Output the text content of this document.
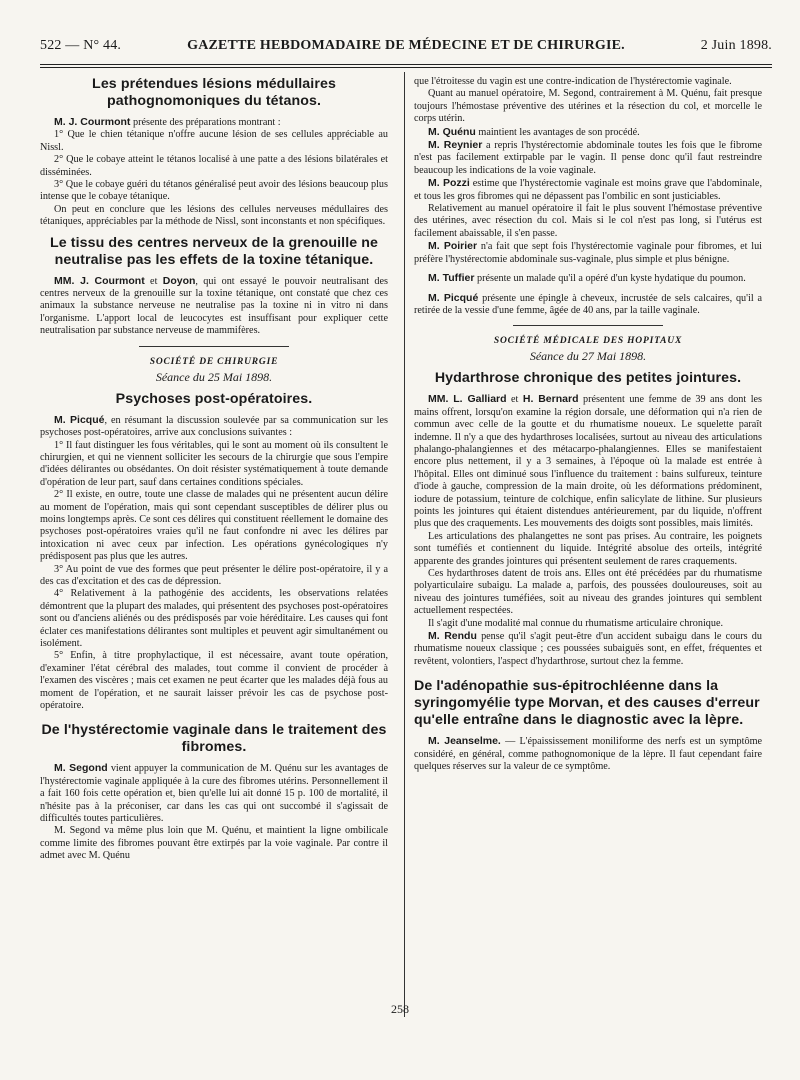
522 — N° 44.	GAZETTE HEBDOMADAIRE DE MÉDECINE ET DE CHIRURGIE.	2 Juin 1898.
Les prétendues lésions médullaires pathognomoniques du tétanos.

M. J. Courmont présente des préparations montrant :

1° Que le chien tétanique n'offre aucune lésion de ses cellules appréciable au Nissl.

2° Que le cobaye atteint le tétanos localisé à une patte a des lésions bilatérales et disséminées.

3° Que le cobaye guéri du tétanos généralisé peut avoir des lésions beaucoup plus intense que le cobaye tétanique.

On peut en conclure que les lésions des cellules nerveuses médullaires des tétaniques, appréciables par la méthode de Nissl, sont inconstants et non spécifiques.

Le tissu des centres nerveux de la grenouille ne neutralise pas les effets de la toxine tétanique.

MM. J. Courmont et Doyon, qui ont essayé le pouvoir neutralisant des centres nerveux de la grenouille sur la toxine tétanique, ont constaté que chez ces animaux la substance nerveuse ne neutralise pas la toxine ni in vitro ni dans l'organisme. L'apport local de leucocytes est insuffisant pour expliquer cette neutralisation par substance nerveuse de mammifères.

SOCIÉTÉ DE CHIRURGIE
Séance du 25 Mai 1898.
Psychoses post-opératoires.

M. Picqué, en résumant la discussion soulevée par sa communication sur les psychoses post-opératoires, arrive aux conclusions suivantes :

1° Il faut distinguer les fous véritables, qui le sont au moment où ils consultent le chirurgien, et qui ne viennent solliciter les secours de la chirurgie que sous l'empire d'idées délirantes ou obsédantes. On doit résister systématiquement à toute demande d'opération de leur part, sauf dans certaines conditions spéciales.

2° Il existe, en outre, toute une classe de malades qui ne présentent aucun délire au moment de l'opération, mais qui sont cependant susceptibles de délirer plus ou moins longtemps après. Ce sont ces délires qui constituent réellement le domaine des psychoses post-opératoires vraies qu'il ne faut confondre ni avec les délires par intoxication ni avec ceux par infection. Les opérations gynécologiques n'y prédisposent pas plus que les autres.

3° Au point de vue des formes que peut présenter le délire post-opératoire, il y a des cas d'excitation et des cas de dépression.

4° Relativement à la pathogénie des accidents, les observations relatées démontrent que la plupart des malades, qui présentent des psychoses post-opératoires sont ou d'anciens aliénés ou des prédisposés par voie héréditaire. Les causes qui font éclater ces manifestations délirantes sont multiples et peuvent agir simultanément ou isolément.

5° Enfin, à titre prophylactique, il est nécessaire, avant toute opération, d'examiner l'état cérébral des malades, tout comme il convient de procéder à l'examen des viscères ; mais cet examen ne peut écarter que les malades déjà fous au moment de l'opération, et ne saurait laisser prévoir les cas de psychose post-opératoire.

De l'hystérectomie vaginale dans le traitement des fibromes.

M. Segond vient appuyer la communication de M. Quénu sur les avantages de l'hystérectomie vaginale appliquée à la cure des fibromes utérins. Personnellement il a fait 160 fois cette opération et, bien qu'elle lui ait donné 15 p. 100 de mortalité, il n'hésite pas à la préconiser, car dans les cas qui ont succombé il s'agissait de difficultés toutes particulières.

M. Segond va même plus loin que M. Quénu, et maintient la ligne ombilicale comme limite des fibromes pouvant être extirpés par la voie vaginale. Par contre il admet avec M. Quénu

que l'étroitesse du vagin est une contre-indication de l'hystérectomie vaginale.

Quant au manuel opératoire, M. Segond, contrairement à M. Quénu, fait presque toujours l'hémostase préventive des utérines et la résection du col, et morcelle le corps utérin.

M. Quénu maintient les avantages de son procédé.

M. Reynier a repris l'hystérectomie abdominale toutes les fois que le fibrome n'est pas facilement extirpable par le vagin. Il pense donc qu'il faut restreindre beaucoup les indications de la voie vaginale.

M. Pozzi estime que l'hystérectomie vaginale est moins grave que l'abdominale, et tous les gros fibromes qui ne dépassent pas l'ombilic en sont justiciables.

Relativement au manuel opératoire il fait le plus souvent l'hémostase préventive des utérines, avec résection du col. Mais si le col n'est pas long, si l'utérus est facilement abaissable, il s'en passe.

M. Poirier n'a fait que sept fois l'hystérectomie vaginale pour fibromes, et lui préfère l'hystérectomie abdominale sus-vaginale, plus simple et plus bénigne.

M. Tuffier présente un malade qu'il a opéré d'un kyste hydatique du poumon.

M. Picqué présente une épingle à cheveux, incrustée de sels calcaires, qu'il a retirée de la vessie d'une femme, âgée de 40 ans, par la taille vaginale.

SOCIÉTÉ MÉDICALE DES HOPITAUX
Séance du 27 Mai 1898.
Hydarthrose chronique des petites jointures.

MM. L. Galliard et H. Bernard présentent une femme de 39 ans dont les mains offrent, lorsqu'on examine la région dorsale, une déformation qui n'a rien de commun avec celle de la goutte et du rhumatisme noueux. Le squelette paraît indemne. Il n'y a que des hydarthroses localisées, surtout au niveau des articulations phalango-phalangiennes et des métacarpo-phalangiennes. Elles se manifestaient encore plus nettement, il y a 3 semaines, à l'époque où la malade est entrée à l'hôpital. Elles ont diminué sous l'influence du traitement : bains sulfureux, teinture d'iode à gauche, compression de la main droite, où les déformations prédominent, iodure de potassium, teinture de colchique, enfin salicylate de lithine. Sur plusieurs points les jointures qui étaient distendues antérieurement, par du liquide, n'offrent plus que des craquements. Les mouvements des doigts sont possibles, mais limités.

Les articulations des phalangettes ne sont pas prises. Au contraire, les poignets sont tuméfiés et contiennent du liquide. Intégrité absolue des orteils, intégrité apparente des grandes jointures qui présentent seulement de rares craquements.

Ces hydarthroses datent de trois ans. Elles ont été précédées par du rhumatisme polyarticulaire subaigu. La malade a, parfois, des poussées douloureuses, soit au niveau des jointures tuméfiées, soit au niveau des grandes jointures qui semblent actuellement respectées.

Il s'agit d'une modalité mal connue du rhumatisme articulaire chronique.

M. Rendu pense qu'il s'agit peut-être d'un accident subaigu dans le cours du rhumatisme noueux classique ; ces poussées subaiguës sont, en effet, fréquentes et revêtent, volontiers, l'aspect d'hydarthrose, surtout chez la femme.

De l'adénopathie sus-épitrochléenne dans la syringomyélie type Morvan, et des causes d'erreur qu'elle entraîne dans le diagnostic avec la lèpre.

M. Jeanselme. — L'épaississement moniliforme des nerfs est un symptôme considéré, en général, comme pathognomonique de la lèpre. Il faut cependant faire quelques réserves sur la valeur de ce symptôme.

258
